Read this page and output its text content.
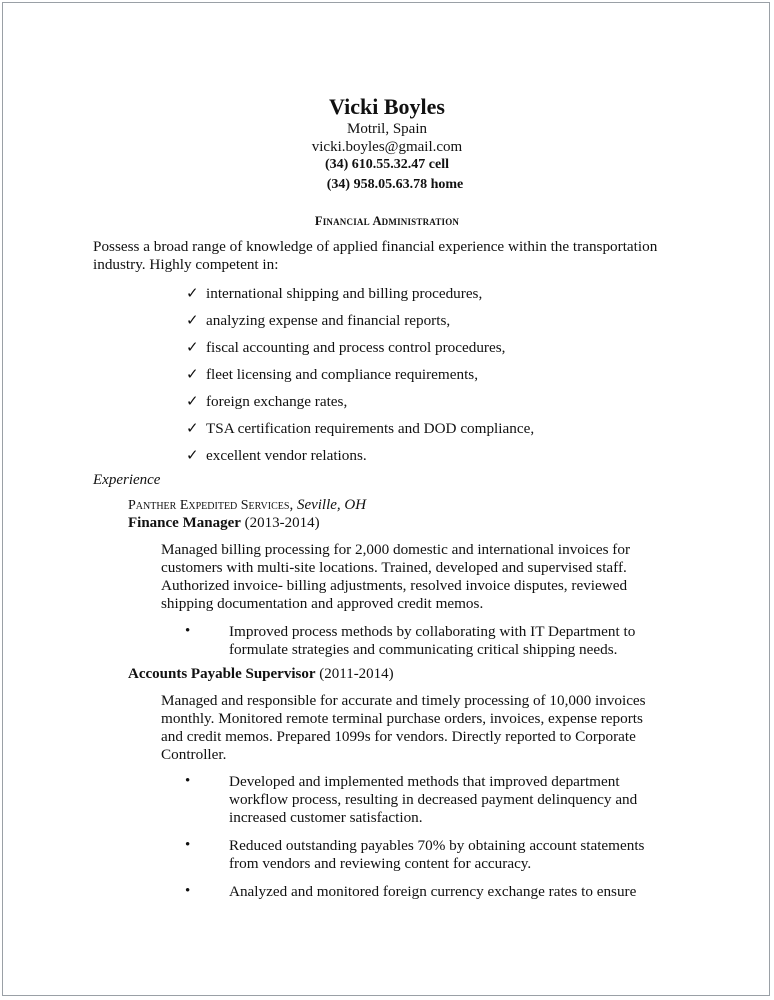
Vicki Boyles
Motril, Spain
vicki.boyles@gmail.com
(34) 610.55.32.47 cell
(34) 958.05.63.78 home
Financial Administration
Possess a broad range of knowledge of applied financial experience within the transportation
industry. Highly competent in:
✓ international shipping and billing procedures,
✓ analyzing expense and financial reports,
✓ fiscal accounting and process control procedures,
✓ fleet licensing and compliance requirements,
✓ foreign exchange rates,
✓ TSA certification requirements and DOD compliance,
✓ excellent vendor relations.
Experience
Panther Expedited Services, Seville, OH
Finance Manager (2013-2014)
Managed billing processing for 2,000 domestic and international invoices for
customers with multi-site locations. Trained, developed and supervised staff.
Authorized invoice- billing adjustments, resolved invoice disputes, reviewed
shipping documentation and approved credit memos.
•	Improved process methods by collaborating with IT Department to
formulate strategies and communicating critical shipping needs.
Accounts Payable Supervisor (2011-2014)
Managed and responsible for accurate and timely processing of 10,000 invoices
monthly. Monitored remote terminal purchase orders, invoices, expense reports
and credit memos. Prepared 1099s for vendors. Directly reported to Corporate
Controller.
•	Developed and implemented methods that improved department
workflow process, resulting in decreased payment delinquency and
increased customer satisfaction.
•	Reduced outstanding payables 70% by obtaining account statements
from vendors and reviewing content for accuracy.
•	Analyzed and monitored foreign currency exchange rates to ensure
